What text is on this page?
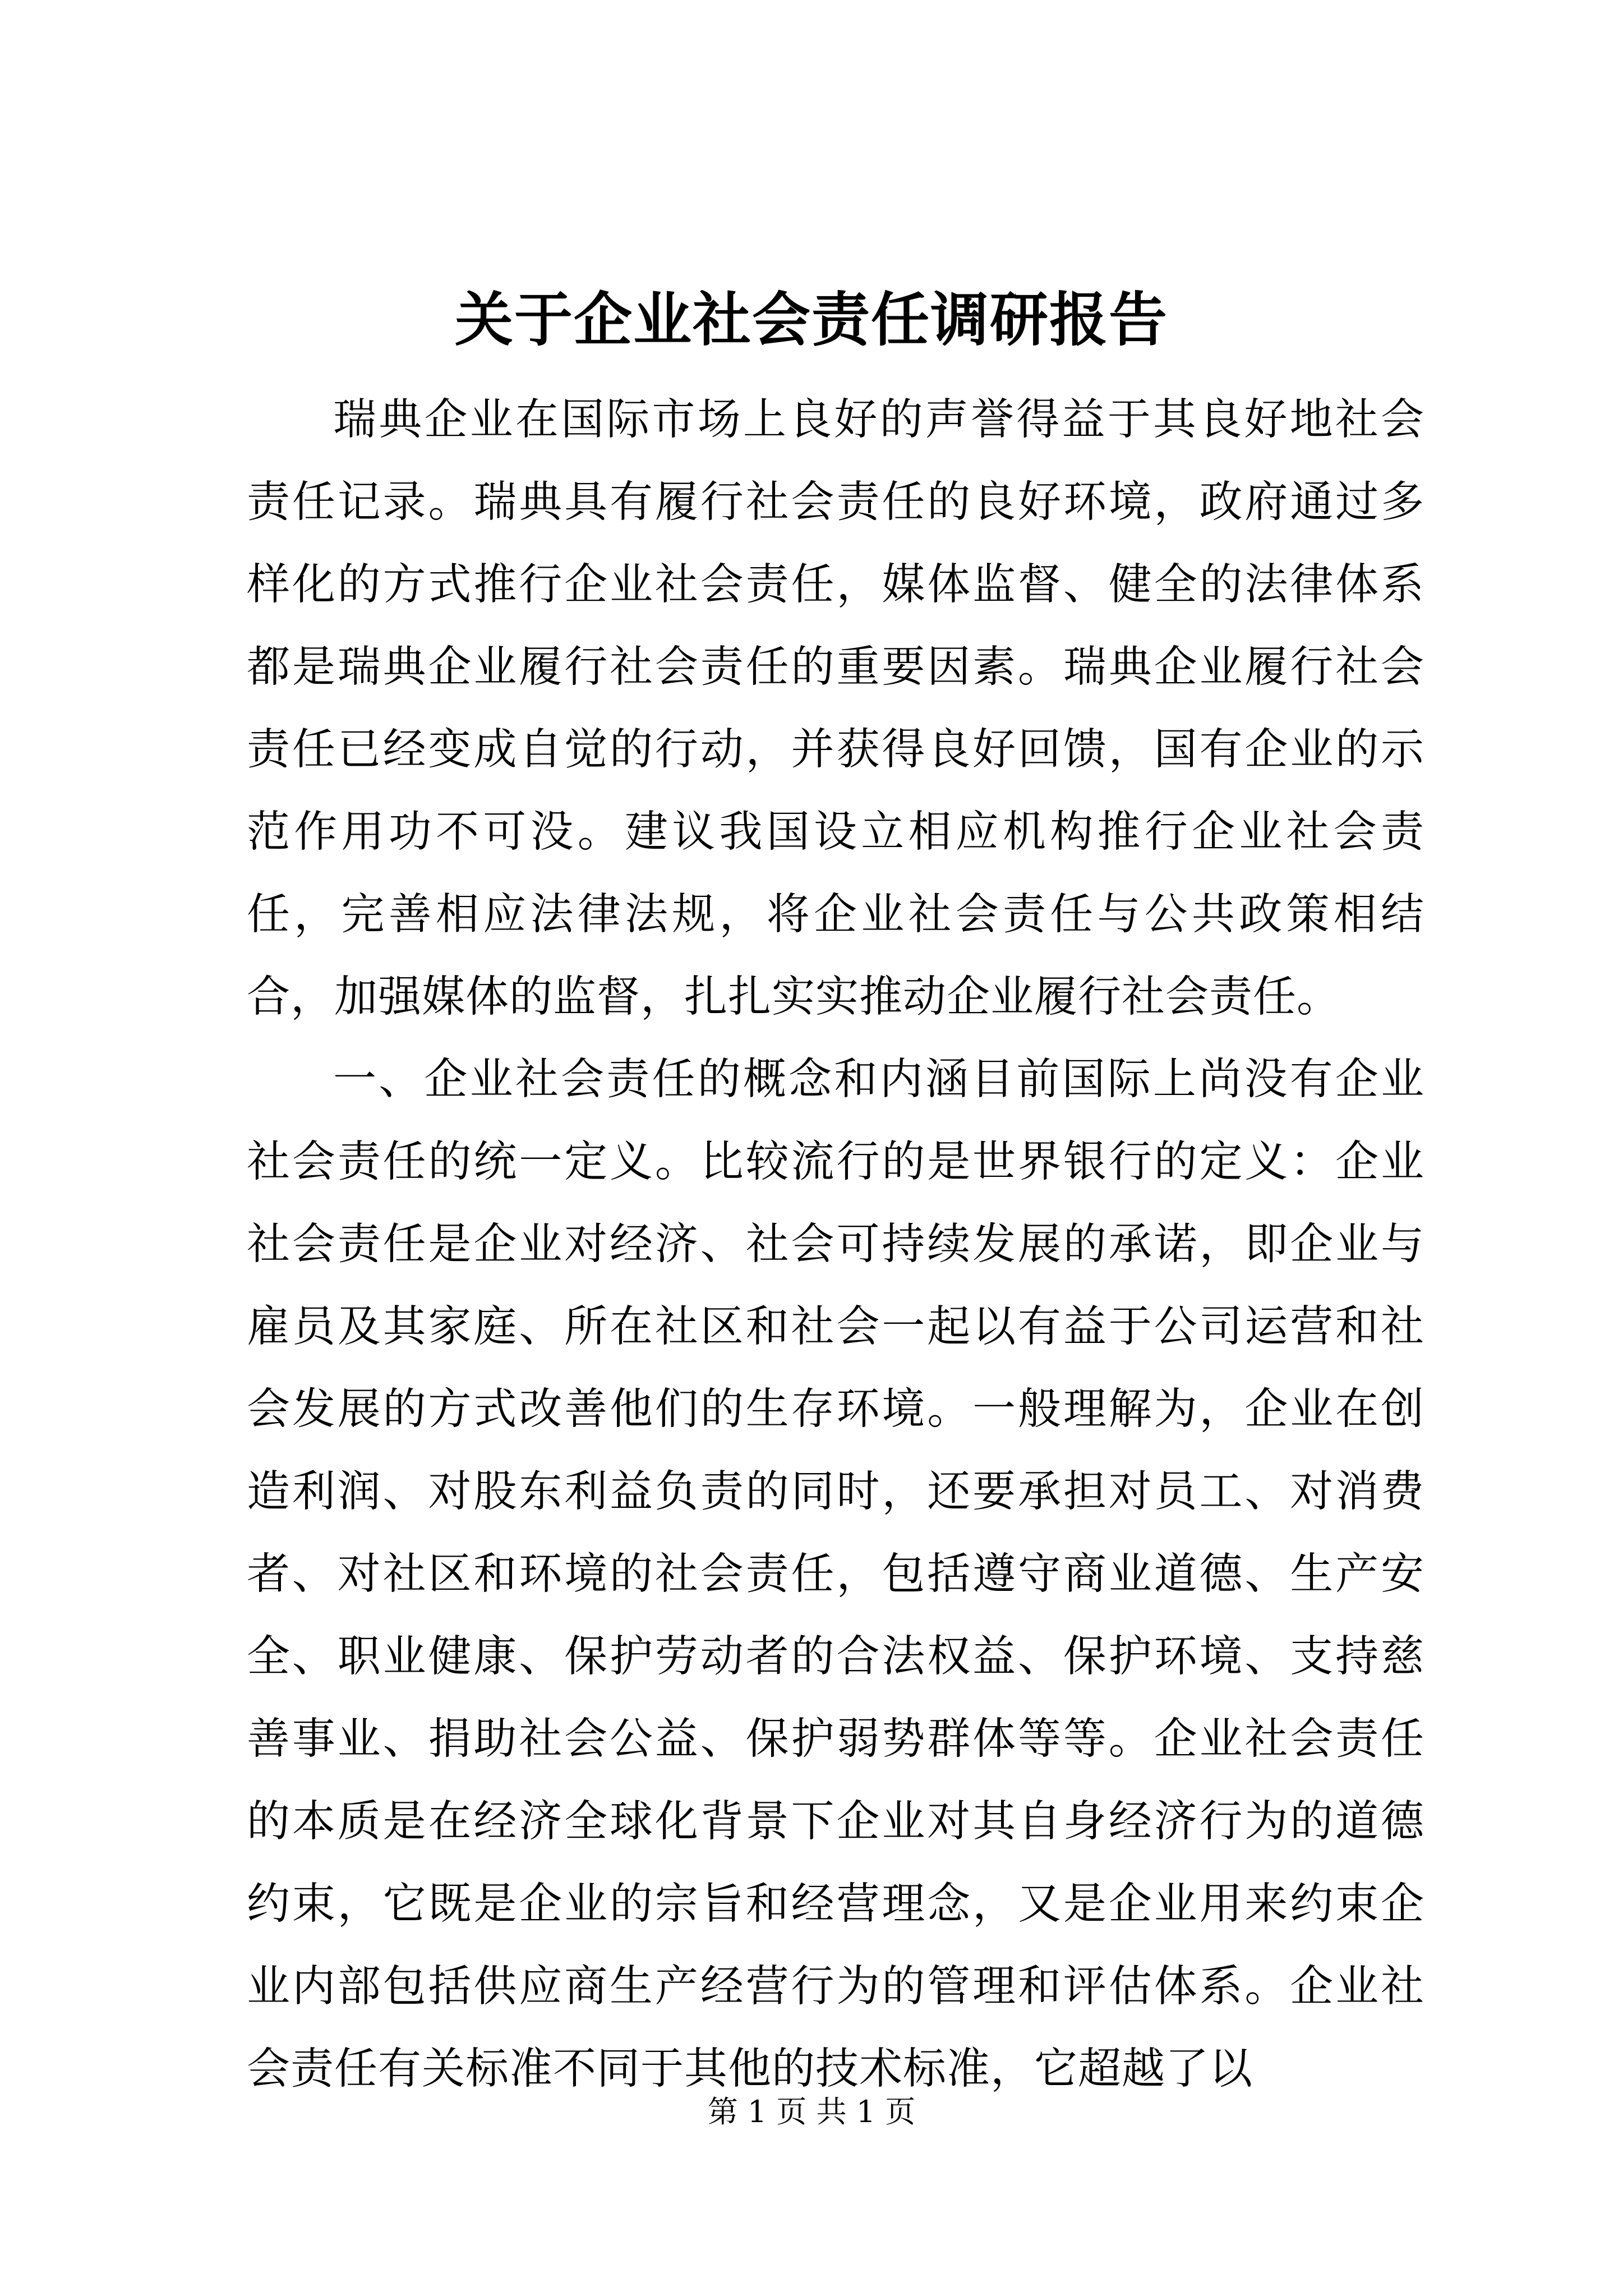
关于企业社会责任调研报告

瑞典企业在国际市场上良好的声誉得益于其良好地社会责任记录。瑞典具有履行社会责任的良好环境，政府通过多样化的方式推行企业社会责任，媒体监督、健全的法律体系都是瑞典企业履行社会责任的重要因素。瑞典企业履行社会责任已经变成自觉的行动，并获得良好回馈，国有企业的示范作用功不可没。建议我国设立相应机构推行企业社会责任，完善相应法律法规，将企业社会责任与公共政策相结合，加强媒体的监督，扎扎实实推动企业履行社会责任。

一、企业社会责任的概念和内涵目前国际上尚没有企业社会责任的统一定义。比较流行的是世界银行的定义：企业社会责任是企业对经济、社会可持续发展的承诺，即企业与雇员及其家庭、所在社区和社会一起以有益于公司运营和社会发展的方式改善他们的生存环境。一般理解为，企业在创造利润、对股东利益负责的同时，还要承担对员工、对消费者、对社区和环境的社会责任，包括遵守商业道德、生产安全、职业健康、保护劳动者的合法权益、保护环境、支持慈善事业、捐助社会公益、保护弱势群体等等。企业社会责任的本质是在经济全球化背景下企业对其自身经济行为的道德约束，它既是企业的宗旨和经营理念，又是企业用来约束企业内部包括供应商生产经营行为的管理和评估体系。企业社会责任有关标准不同于其他的技术标准，它超越了以

第 1 页 共 1 页
